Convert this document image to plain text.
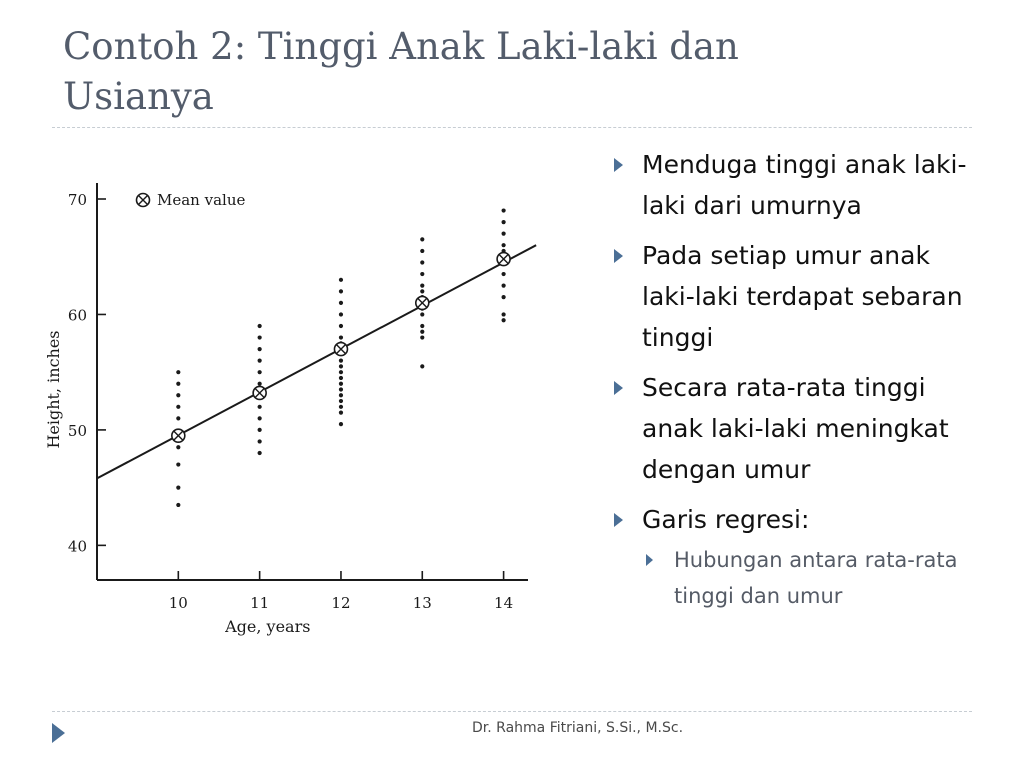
Contoh 2: Tinggi Anak Laki-laki dan
Usianya
40
50
60
70
10	11	12	13	14
Age, years
Height, inches
Mean value
Menduga tinggi anak laki-laki dari umurnya
Pada setiap umur anak laki-laki terdapat sebaran tinggi
Secara rata-rata tinggi anak laki-laki meningkat dengan umur
Garis regresi:
Hubungan antara rata-rata tinggi dan umur
Dr. Rahma Fitriani, S.Si., M.Sc.
